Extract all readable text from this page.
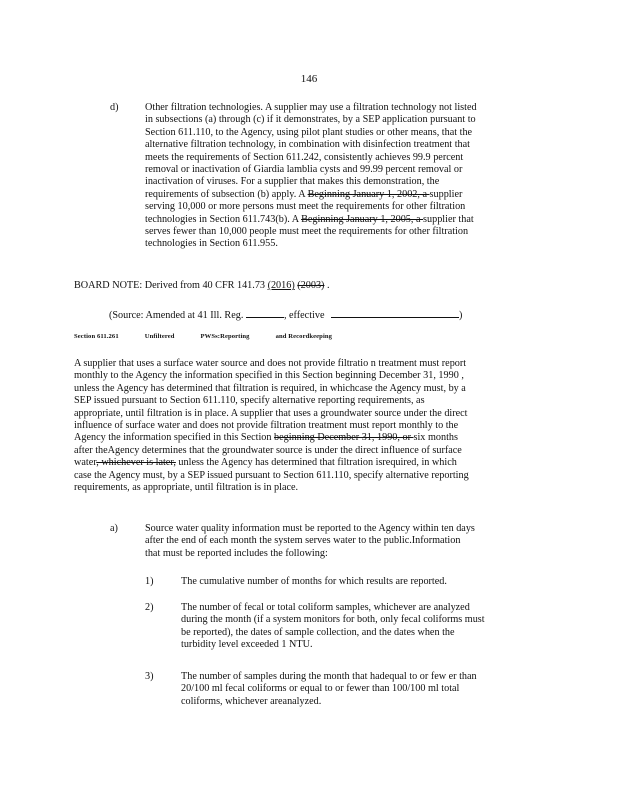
146
d)	Other filtration technologies. A supplier may use a filtration technology not listed
in subsections (a) through (c) if it demonstrates, by a SEP application pursuant to
Section 611.110, to the Agency, using pilot plant studies or other means, that the
alternative filtration technology, in combination with disinfection treatment that
meets the requirements of Section 611.242, consistently achieves 99.9 percent
removal or inactivation of Giardia lamblia cysts and 99.99 percent removal or
inactivation of viruses. For a supplier that makes this demonstration, the
requirements of subsection (b) apply. A Beginning January 1, 2002, a supplier
serving 10,000 or more persons must meet the requirements for other filtration
technologies in Section 611.743(b). A Beginning January 1, 2005, a supplier that
serves fewer than 10,000 people must meet the requirements for other filtration
technologies in Section 611.955.
BOARD NOTE: Derived from 40 CFR 141.73 (2016) (2003) .
(Source: Amended at 41 Ill. Reg.	, effective	)
Section 611.261	Unfiltered	PWSs:Reporting	and Recordkeeping
A supplier that uses a surface water source and does not provide filtratio n treatment must report
monthly to the Agency the information specified in this Section beginning December 31, 1990 ,
unless the Agency has determined that filtration is required, in whichcase the Agency must, by a
SEP issued pursuant to Section 611.110, specify alternative reporting requirements, as
appropriate, until filtration is in place. A supplier that uses a groundwater source under the direct
influence of surface water and does not provide filtration treatment must report monthly to the
Agency the information specified in this Section beginning December 31, 1990, or six months
after theAgency determines that the groundwater source is under the direct influence of surface
water, whichever is later, unless the Agency has determined that filtration isrequired, in which
case the Agency must, by a SEP issued pursuant to Section 611.110, specify alternative reporting
requirements, as appropriate, until filtration is in place.
a)	Source water quality information must be reported to the Agency within ten days
after the end of each month the system serves water to the public.Information
that must be reported includes the following:
1)	The cumulative number of months for which results are reported.
2)	The number of fecal or total coliform samples, whichever are analyzed
during the month (if a system monitors for both, only fecal coliforms must
be reported), the dates of sample collection, and the dates when the
turbidity level exceeded 1 NTU.
3)	The number of samples during the month that hadequal to or few er than
20/100 ml fecal coliforms or equal to or fewer than 100/100 ml total
coliforms, whichever areanalyzed.
